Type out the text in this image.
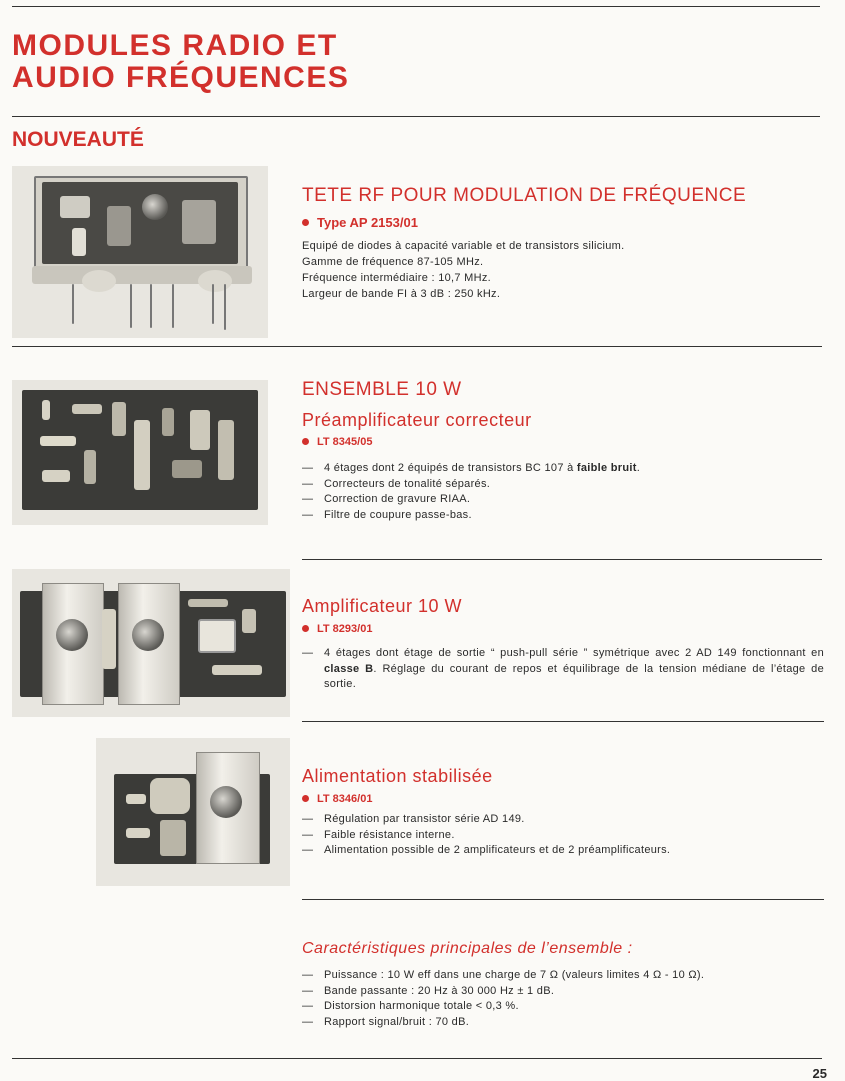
MODULES RADIO ET
AUDIO FRÉQUENCES
NOUVEAUTÉ
TETE RF POUR MODULATION DE FRÉQUENCE
Type AP 2153/01
Equipé de diodes à capacité variable et de transistors silicium.
Gamme de fréquence 87-105 MHz.
Fréquence intermédiaire : 10,7 MHz.
Largeur de bande FI à 3 dB : 250 kHz.
ENSEMBLE 10 W
Préamplificateur correcteur
LT 8345/05
— 4 étages dont 2 équipés de transistors BC 107 à faible bruit.
— Correcteurs de tonalité séparés.
— Correction de gravure RIAA.
— Filtre de coupure passe-bas.
Amplificateur 10 W
LT 8293/01
— 4 étages dont étage de sortie “ push-pull série ” symétrique avec 2 AD 149 fonctionnant en classe B. Réglage du courant de repos et équilibrage de la tension médiane de l’étage de sortie.
Alimentation stabilisée
LT 8346/01
— Régulation par transistor série AD 149.
— Faible résistance interne.
— Alimentation possible de 2 amplificateurs et de 2 préamplificateurs.
Caractéristiques principales de l’ensemble :
— Puissance : 10 W eff dans une charge de 7 Ω (valeurs limites 4 Ω - 10 Ω).
— Bande passante : 20 Hz à 30 000 Hz ± 1 dB.
— Distorsion harmonique totale < 0,3 %.
— Rapport signal/bruit : 70 dB.
25
